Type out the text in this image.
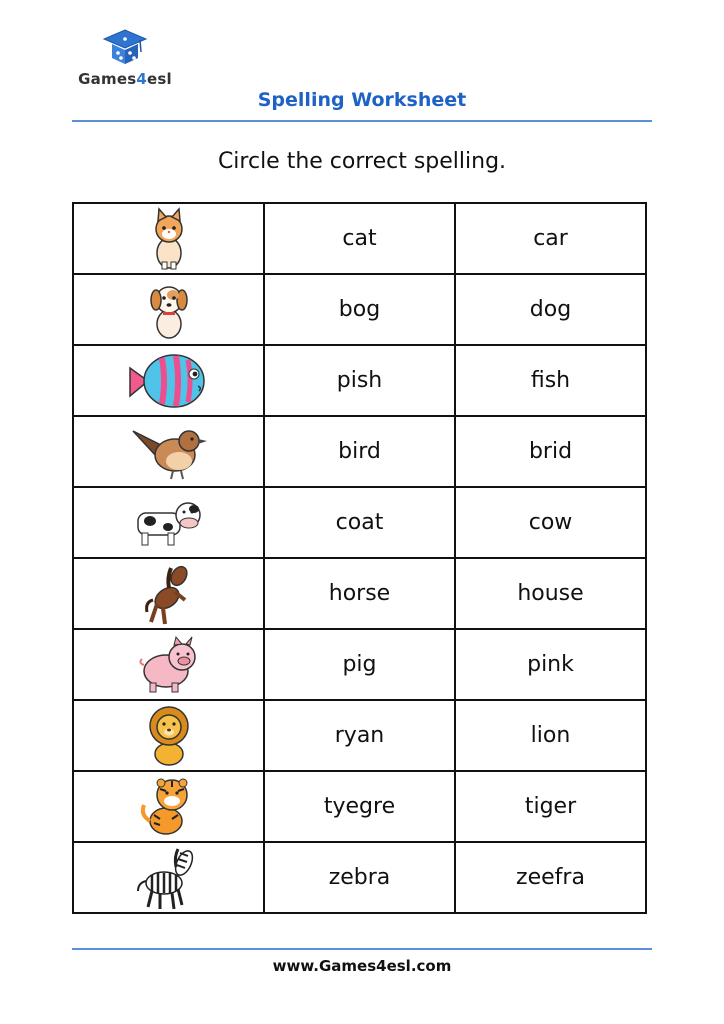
Games4esl
Spelling Worksheet
Circle the correct spelling.
	cat	car

	bog	dog

	pish	fish

	bird	brid

	coat	cow

	horse	house

	pig	pink

	ryan	lion

	tyegre	tiger

	zebra	zeefra
www.Games4esl.com
